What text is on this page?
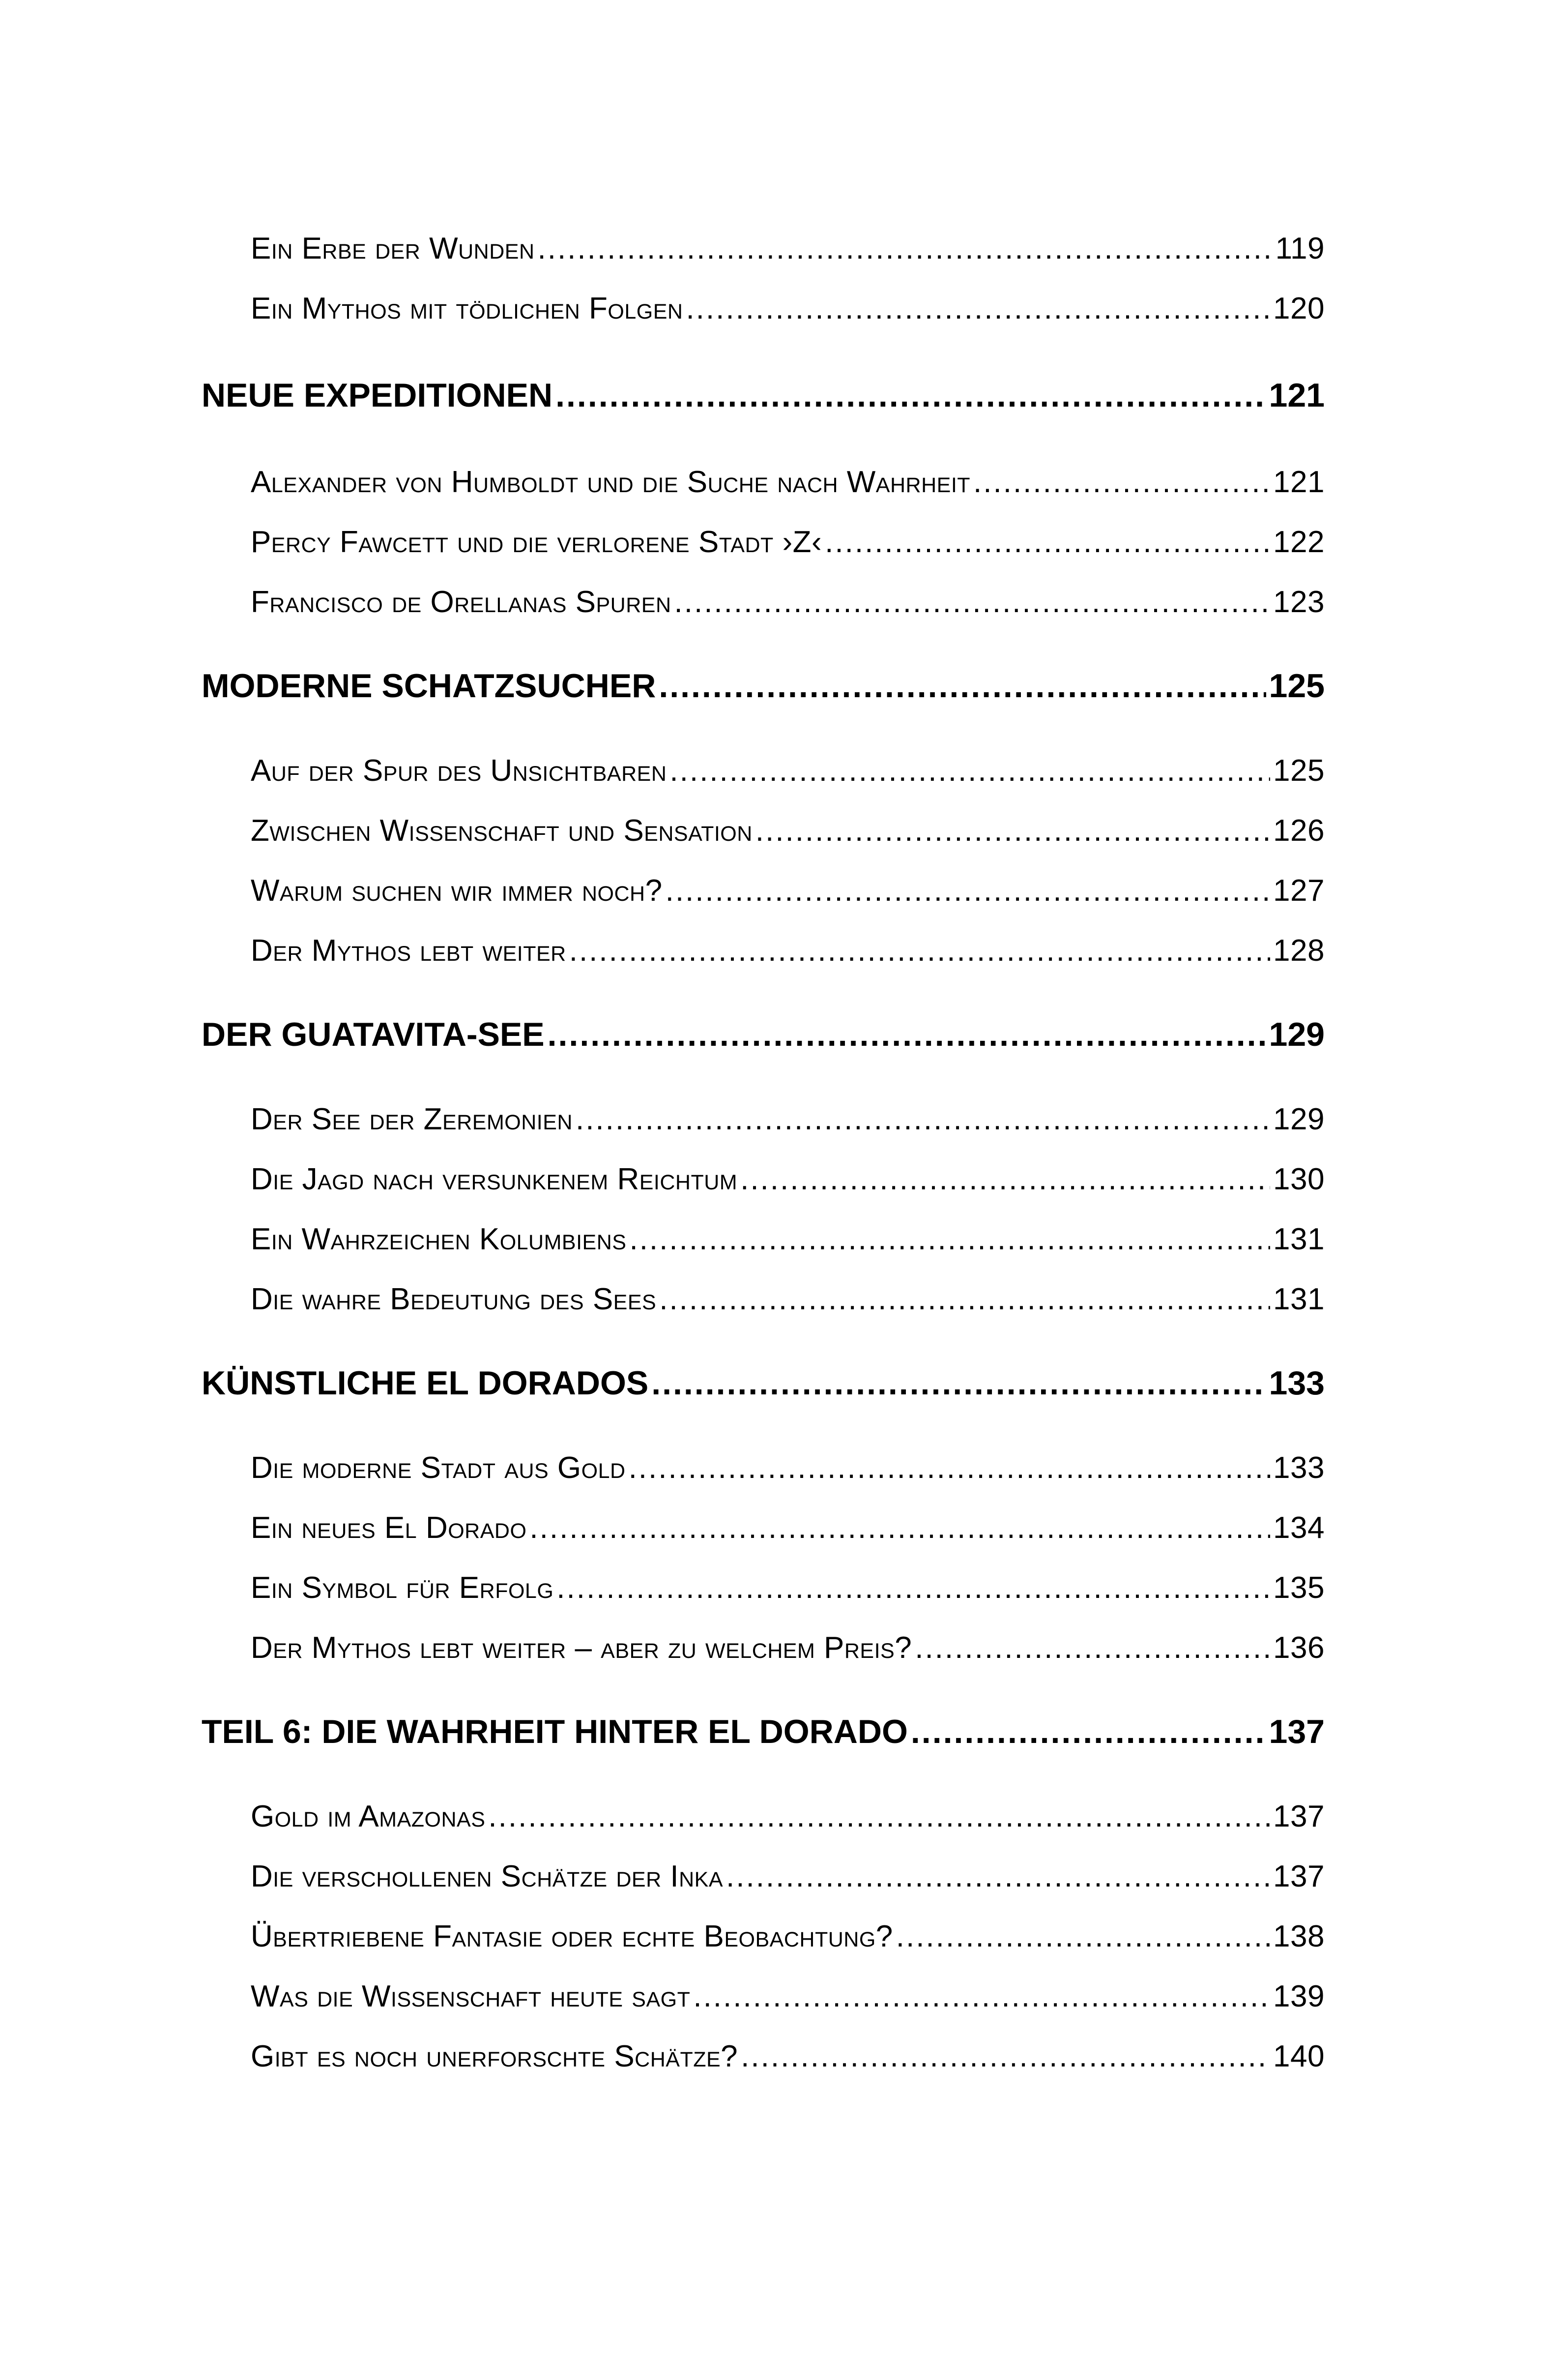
Ein Erbe der Wunden .....	119
Ein Mythos mit tödlichen Folgen .....	120
NEUE EXPEDITIONEN .....	121
Alexander von Humboldt und die Suche nach Wahrheit .....	121
Percy Fawcett und die verlorene Stadt ›Z‹ .....	122
Francisco de Orellanas Spuren .....	123
MODERNE SCHATZSUCHER .....	125
Auf der Spur des Unsichtbaren .....	125
Zwischen Wissenschaft und Sensation .....	126
Warum suchen wir immer noch? .....	127
Der Mythos lebt weiter .....	128
DER GUATAVITA-SEE .....	129
Der See der Zeremonien .....	129
Die Jagd nach versunkenem Reichtum .....	130
Ein Wahrzeichen Kolumbiens .....	131
Die wahre Bedeutung des Sees .....	131
KÜNSTLICHE EL DORADOS .....	133
Die moderne Stadt aus Gold .....	133
Ein neues El Dorado .....	134
Ein Symbol für Erfolg .....	135
Der Mythos lebt weiter – aber zu welchem Preis? .....	136
TEIL 6: DIE WAHRHEIT HINTER EL DORADO .....	137
Gold im Amazonas .....	137
Die verschollenen Schätze der Inka .....	137
Übertriebene Fantasie oder echte Beobachtung? .....	138
Was die Wissenschaft heute sagt .....	139
Gibt es noch unerforschte Schätze? .....	140
